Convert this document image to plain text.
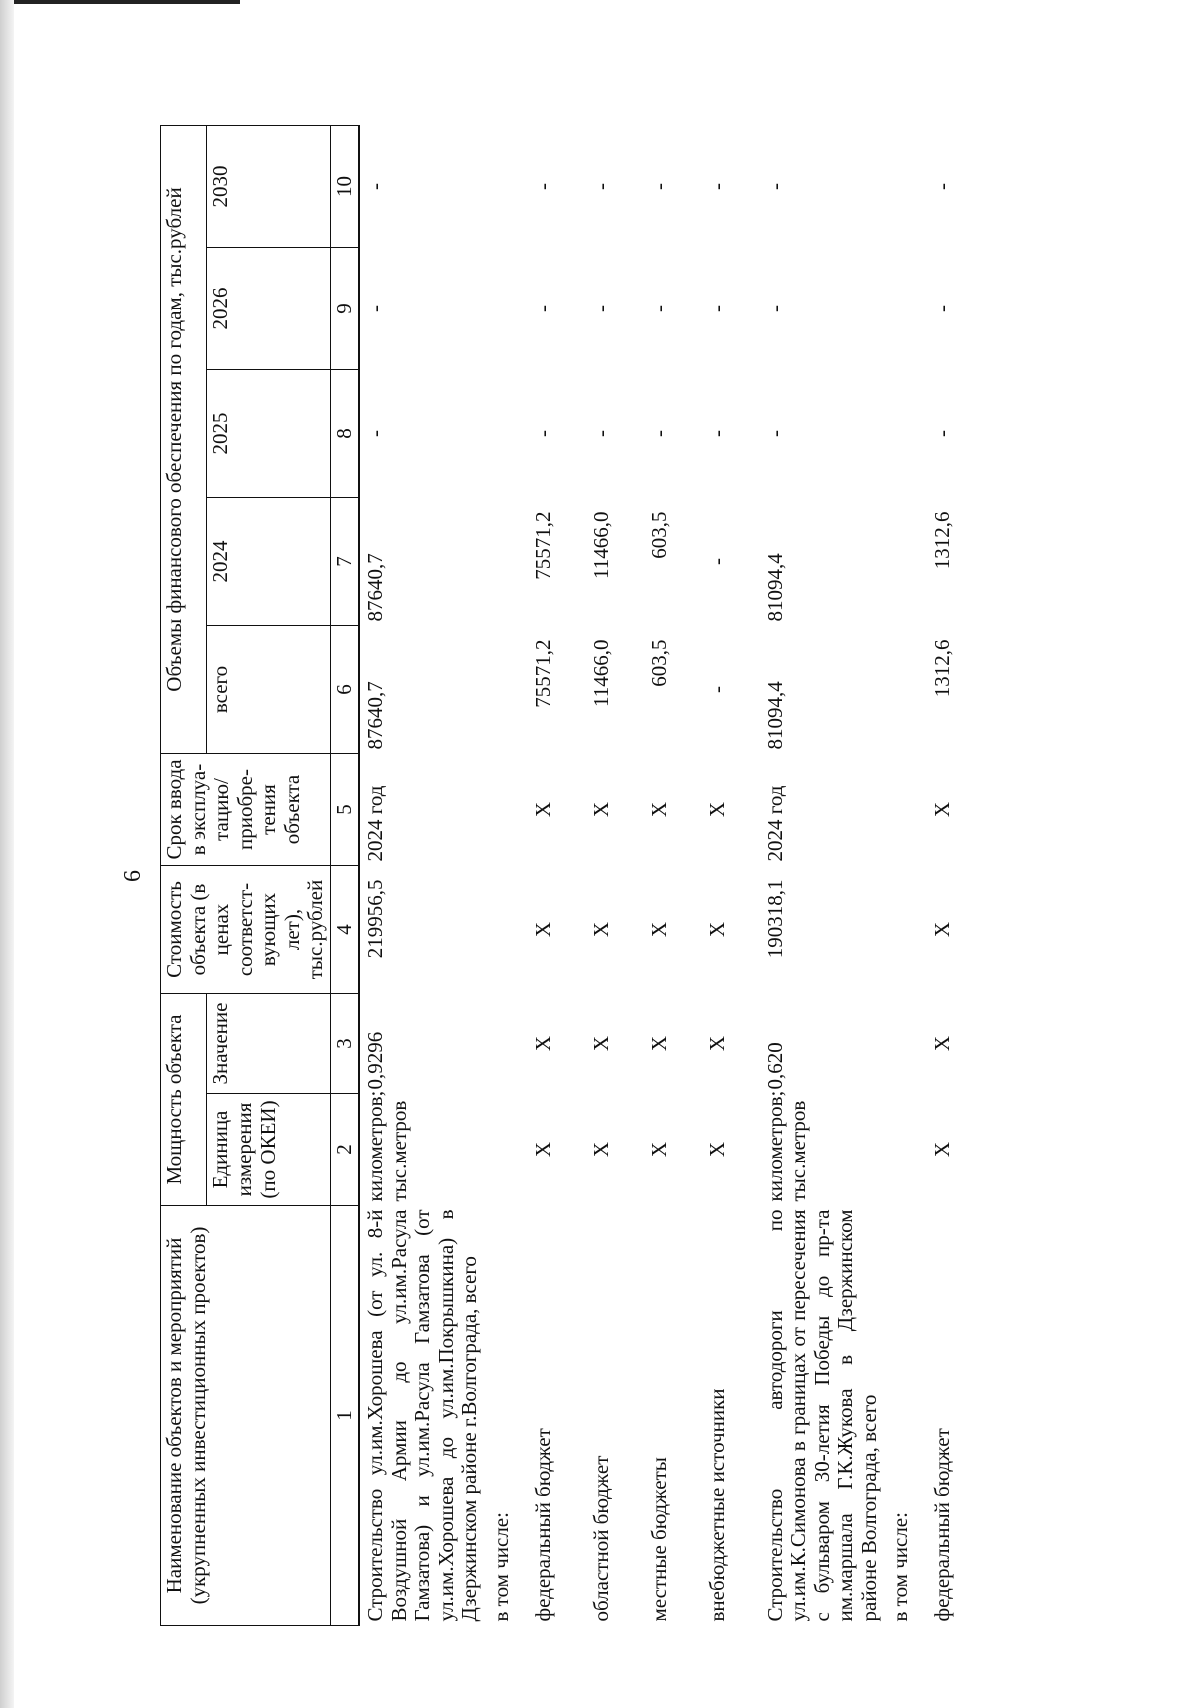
6
Наименование объектов и мероприятий (укрупненных инвестиционных проектов)	Мощность объекта		Стоимость объекта (в ценах соответст-вующих лет), тыс.рублей	Срок ввода в эксплуа-тацию/ приобре-тения объекта	Объемы финансового обеспечения по годам, тыс.рублей				
	Единица измерения (по ОКЕИ)	Значение			всего	2024	2025	2026	2030
1	2	3	4	5	6	7	8	9	10
Строительство ул.им.Хорошева (от ул. 8-й Воздушной Армии до ул.им.Расула Гамзатова) и ул.им.Расула Гамзатова (от ул.им.Хорошева до ул.им.Покрышкина) в Дзержинском районе г.Волгограда, всего	километров; тыс.метров	0,9296	219956,5	2024 год	87640,7	87640,7	-	-	-
в том числе:									
федеральный бюджет	X	X	X	X	75571,2	75571,2	-	-	-
областной бюджет	X	X	X	X	11466,0	11466,0	-	-	-
местные бюджеты	X	X	X	X	603,5	603,5	-	-	-
внебюджетные источники	X	X	X	X	-	-	-	-	-
Строительство автодороги по ул.им.К.Симонова в границах от пересечения с бульваром 30-летия Победы до пр-та им.маршала Г.К.Жукова в Дзержинском районе Волгограда, всего	километров; тыс.метров	0,620	190318,1	2024 год	81094,4	81094,4	-	-	-
в том числе:									
федеральный бюджет	X	X	X	X	1312,6	1312,6	-	-	-
